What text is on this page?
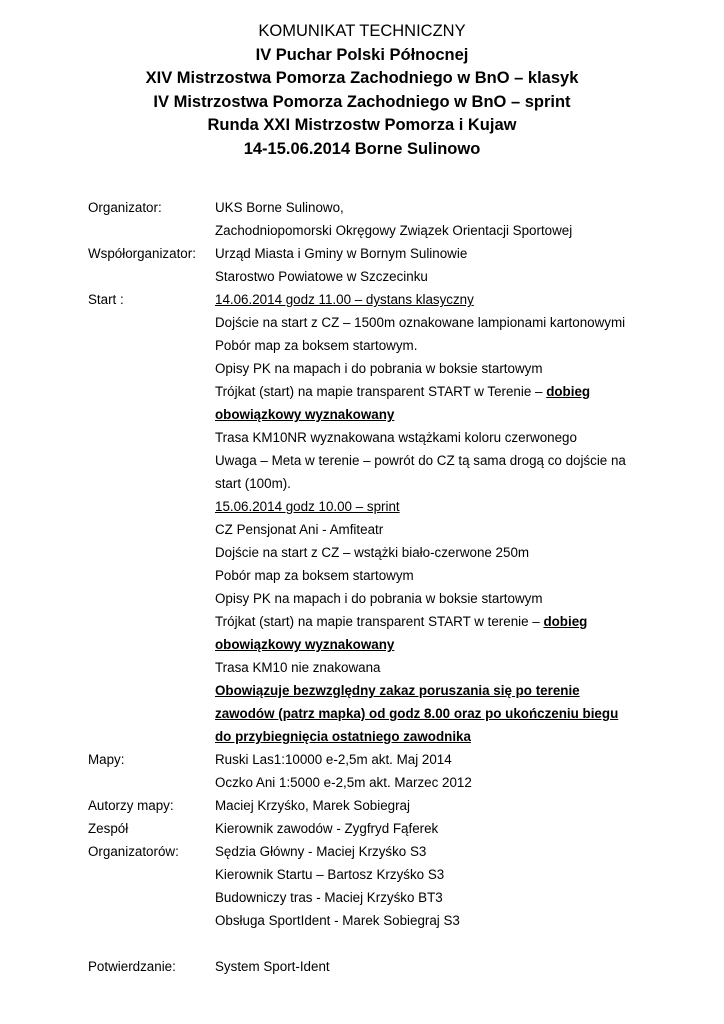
KOMUNIKAT TECHNICZNY
IV Puchar Polski Północnej
XIV Mistrzostwa Pomorza Zachodniego w BnO – klasyk
IV Mistrzostwa Pomorza Zachodniego w BnO – sprint
Runda XXI Mistrzostw Pomorza i Kujaw
14-15.06.2014 Borne Sulinowo
Organizator:	UKS Borne Sulinowo,
Zachodniopomorski Okręgowy Związek Orientacji Sportowej
Współorganizator:	Urząd Miasta i Gminy w Bornym Sulinowie
Starostwo Powiatowe w Szczecinku
Start :	14.06.2014 godz 11.00 – dystans klasyczny
Dojście na start z CZ – 1500m oznakowane lampionami kartonowymi
Pobór map za boksem startowym.
Opisy PK na mapach i do pobrania w boksie startowym
Trójkat (start) na mapie transparent START w Terenie – dobieg
obowiązkowy wyznakowany
Trasa KM10NR wyznakowana wstążkami koloru czerwonego
Uwaga – Meta w terenie – powrót do CZ tą sama drogą co dojście na
start (100m).
15.06.2014 godz 10.00 – sprint
CZ Pensjonat Ani - Amfiteatr
Dojście na start z CZ – wstążki biało-czerwone 250m
Pobór map za boksem startowym
Opisy PK na mapach i do pobrania w boksie startowym
Trójkat (start) na mapie transparent START w terenie – dobieg
obowiązkowy wyznakowany
Trasa KM10 nie znakowana
Obowiązuje bezwzględny zakaz poruszania się po terenie
zawodów (patrz mapka) od godz 8.00 oraz po ukończeniu biegu
do przybiegnięcia ostatniego zawodnika
Mapy:	Ruski Las1:10000 e-2,5m akt. Maj 2014
Oczko Ani 1:5000 e-2,5m akt. Marzec 2012
Autorzy mapy:	Maciej Krzyśko, Marek Sobiegraj
Zespół	Kierownik zawodów - Zygfryd Fąferek
Organizatorów:	Sędzia Główny - Maciej Krzyśko S3
Kierownik Startu – Bartosz Krzyśko S3
Budowniczy tras - Maciej Krzyśko BT3
Obsługa SportIdent - Marek Sobiegraj S3
Potwierdzanie:	System Sport-Ident
